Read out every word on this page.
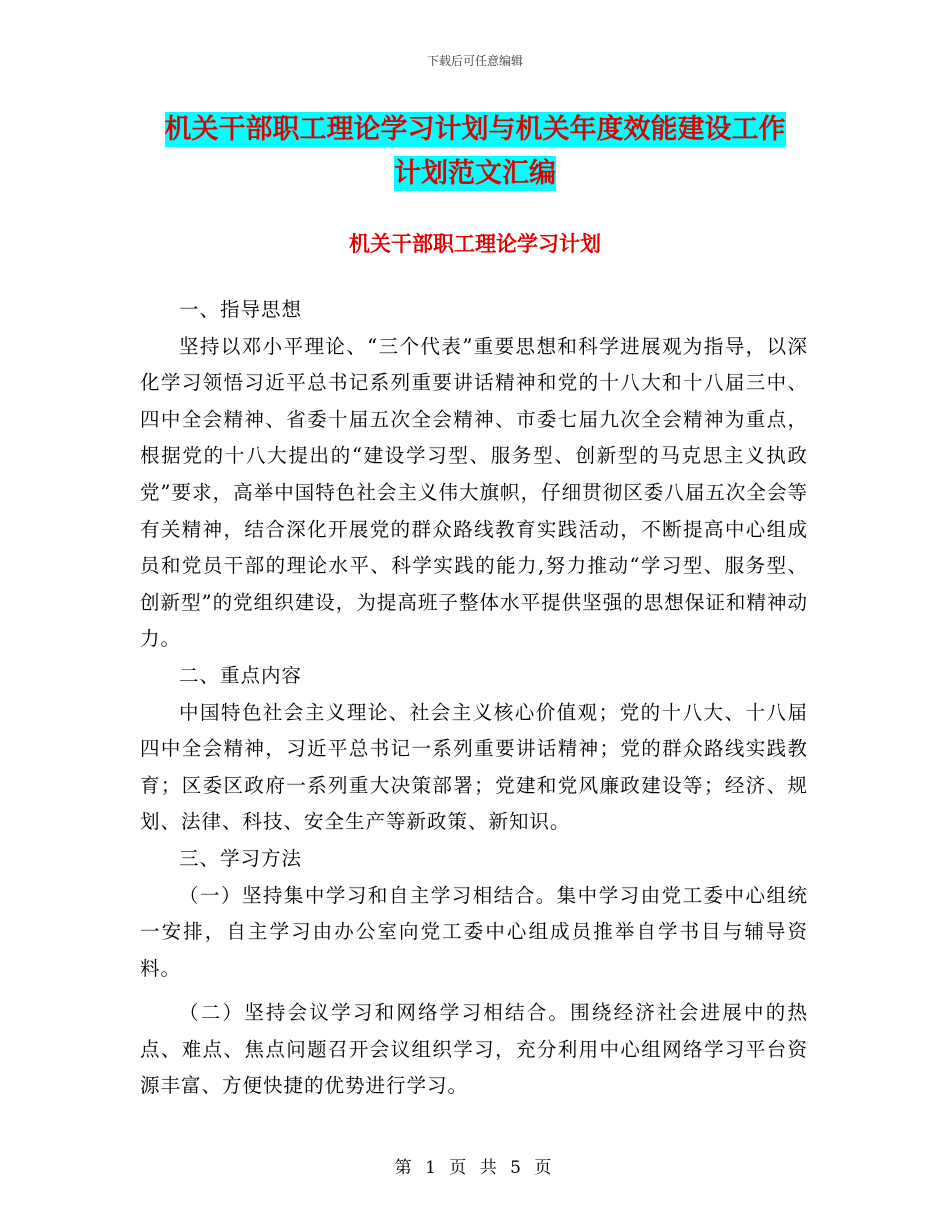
下载后可任意编辑
机关干部职工理论学习计划与机关年度效能建设工作
计划范文汇编
机关干部职工理论学习计划

一、指导思想

坚持以邓小平理论、“三个代表”重要思想和科学进展观为指导，以深化学习领悟习近平总书记系列重要讲话精神和党的十八大和十八届三中、四中全会精神、省委十届五次全会精神、市委七届九次全会精神为重点，根据党的十八大提出的“建设学习型、服务型、创新型的马克思主义执政党”要求，高举中国特色社会主义伟大旗帜，仔细贯彻区委八届五次全会等有关精神，结合深化开展党的群众路线教育实践活动，不断提高中心组成员和党员干部的理论水平、科学实践的能力,努力推动“学习型、服务型、创新型”的党组织建设，为提高班子整体水平提供坚强的思想保证和精神动力。

二、重点内容

中国特色社会主义理论、社会主义核心价值观；党的十八大、十八届四中全会精神，习近平总书记一系列重要讲话精神；党的群众路线实践教育；区委区政府一系列重大决策部署；党建和党风廉政建设等；经济、规划、法律、科技、安全生产等新政策、新知识。

三、学习方法

（一）坚持集中学习和自主学习相结合。集中学习由党工委中心组统一安排，自主学习由办公室向党工委中心组成员推举自学书目与辅导资料。

（二）坚持会议学习和网络学习相结合。围绕经济社会进展中的热点、难点、焦点问题召开会议组织学习，充分利用中心组网络学习平台资源丰富、方便快捷的优势进行学习。

第 1 页 共 5 页
